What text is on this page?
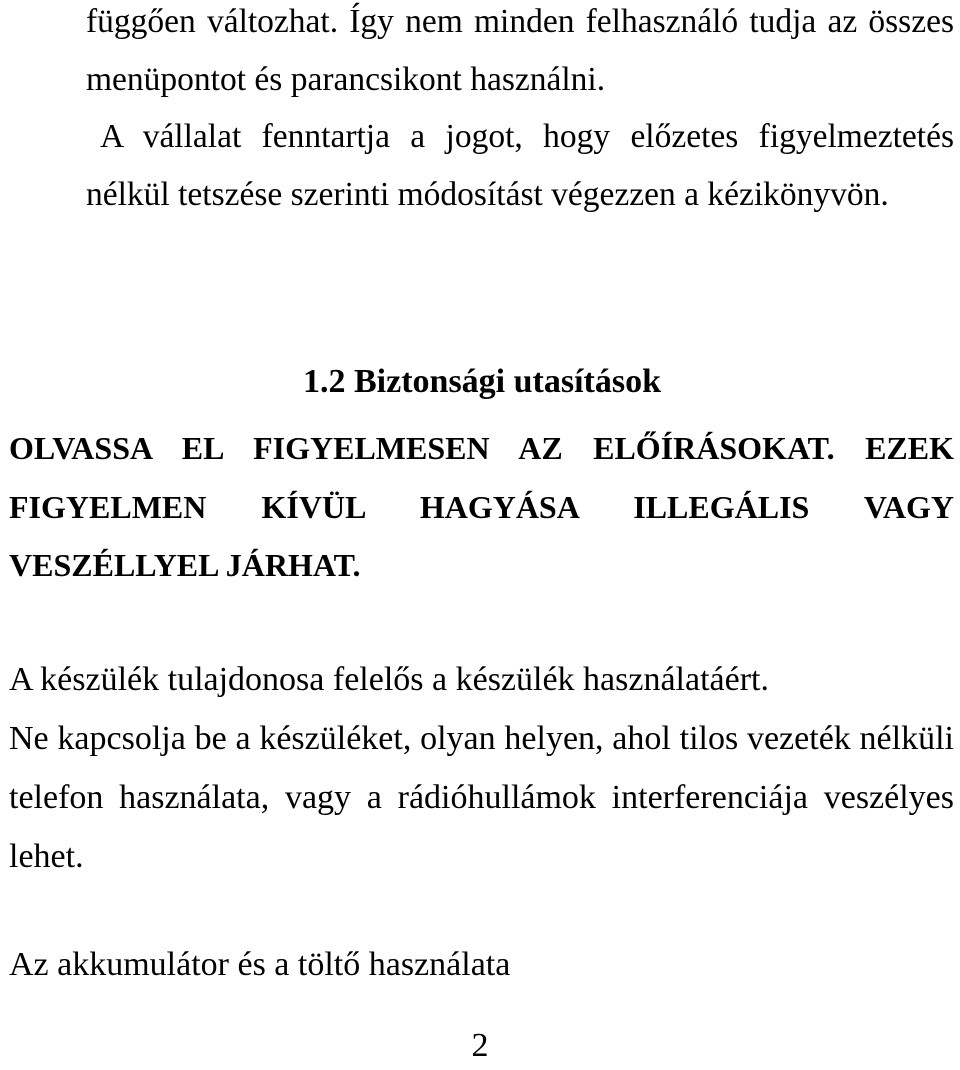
függően változhat. Így nem minden felhasználó tudja az összes menüpontot és parancsikont használni.

A vállalat fenntartja a jogot, hogy előzetes figyelmeztetés nélkül tetszése szerinti módosítást végezzen a kézikönyvön.

1.2 Biztonsági utasítások

OLVASSA EL FIGYELMESEN AZ ELŐÍRÁSOKAT. EZEK FIGYELMEN KÍVÜL HAGYÁSA ILLEGÁLIS VAGY VESZÉLLYEL JÁRHAT.

A készülék tulajdonosa felelős a készülék használatáért.

Ne kapcsolja be a készüléket, olyan helyen, ahol tilos vezeték nélküli telefon használata, vagy a rádióhullámok interferenciája veszélyes lehet.

Az akkumulátor és a töltő használata

2
